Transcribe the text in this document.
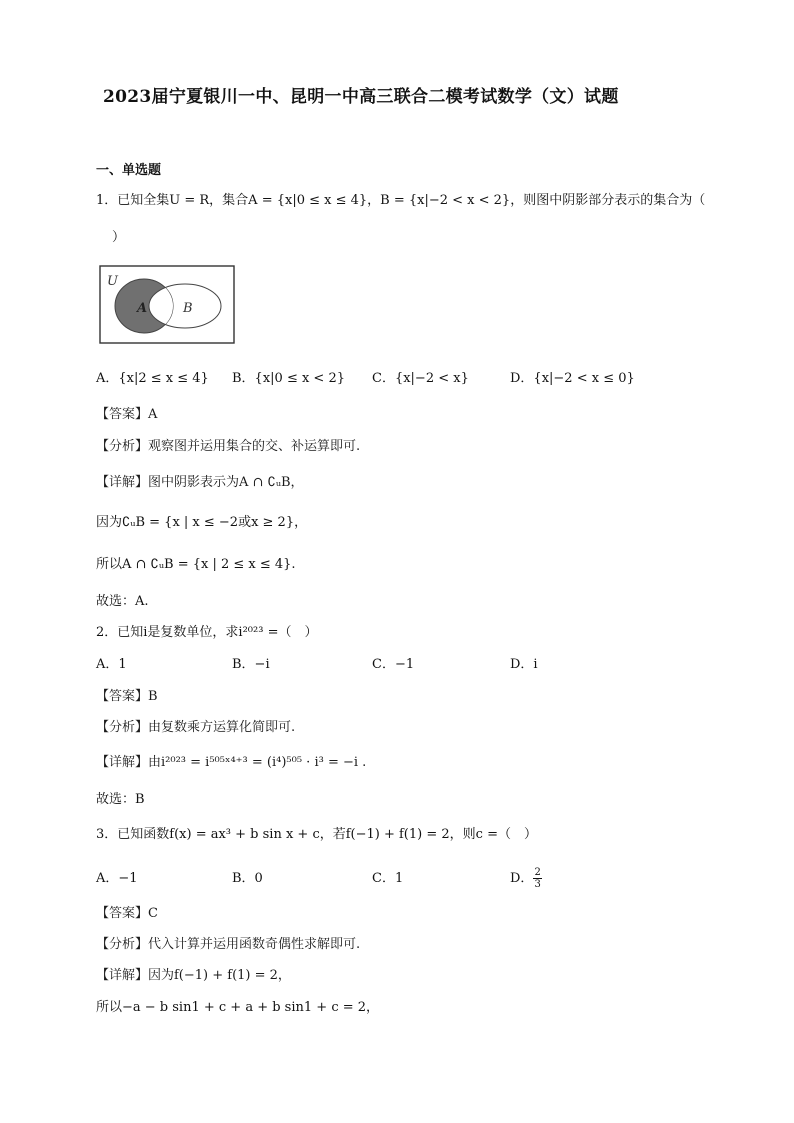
2023届宁夏银川一中、昆明一中高三联合二模考试数学（文）试题
一、单选题
1．已知全集U = R，集合A = {x|0 ≤ x ≤ 4}，B = {x|−2 < x < 2}，则图中阴影部分表示的集合为（
）
U
A	B
A．{x|2 ≤ x ≤ 4} B．{x|0 ≤ x < 2} C．{x|−2 < x}	D．{x|−2 < x ≤ 0}
【答案】A
【分析】观察图并运用集合的交、补运算即可.
【详解】图中阴影表示为A ∩ ∁ᵤB，
因为∁ᵤB = {x | x ≤ −2或x ≥ 2}，
所以A ∩ ∁ᵤB = {x | 2 ≤ x ≤ 4}.
故选：A.
2．已知i是复数单位，求i²⁰²³ =（　）
A．1	B．−i	C．−1	D．i
【答案】B
【分析】由复数乘方运算化简即可.
【详解】由i²⁰²³ = i⁵⁰⁵ˣ⁴⁺³ = (i⁴)⁵⁰⁵ · i³ = −i .
故选：B
3．已知函数f(x) = ax³ + b sin x + c，若f(−1) + f(1) = 2，则c =（　）
A．−1	B．0	C．1	D． $\frac{2}{3}$
【答案】C
【分析】代入计算并运用函数奇偶性求解即可.
【详解】因为f(−1) + f(1) = 2，
所以−a − b sin1 + c + a + b sin1 + c = 2，
